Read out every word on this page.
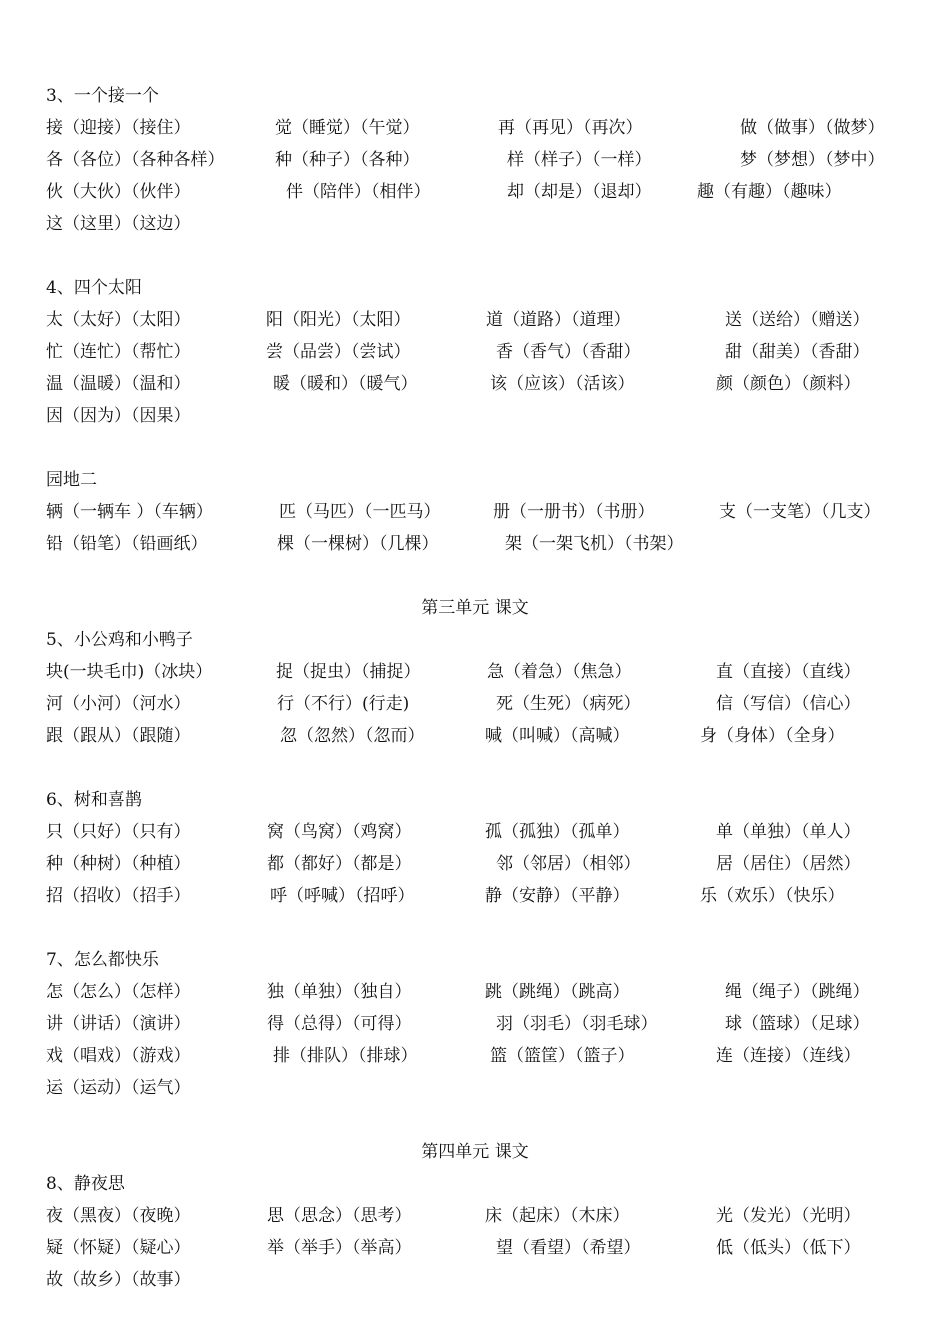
3、一个接一个
接（迎接）（接住）	觉（睡觉）（午觉）	再（再见）（再次）	做（做事）（做梦）
各（各位）（各种各样）	种（种子）（各种）	样（样子）（一样）	梦（梦想）（梦中）
伙（大伙）（伙伴）	伴（陪伴）（相伴）	却（却是）（退却）	趣（有趣）（趣味）
这（这里）（这边）
4、四个太阳
太（太好）（太阳）	阳（阳光）（太阳）	道（道路）（道理）	送（送给）（赠送）
忙（连忙）（帮忙）	尝（品尝）（尝试）	香（香气）（香甜）	甜（甜美）（香甜）
温（温暖）（温和）	暖（暖和）（暖气）	该（应该）（活该）	颜（颜色）（颜料）
因（因为）（因果）
园地二
辆（一辆车 ）（车辆）	匹（马匹）（一匹马）	册（一册书）（书册）	支（一支笔）（几支）
铅（铅笔）（铅画纸）	棵（一棵树）（几棵）	架（一架飞机）（书架）
第三单元 课文
5、小公鸡和小鸭子
块(一块毛巾)（冰块）	捉（捉虫）（捕捉）	急（着急）（焦急）	直（直接）（直线）
河（小河）（河水）	行（不行）(行走)	死（生死）（病死）	信（写信）（信心）
跟（跟从）（跟随）	忽（忽然）（忽而）	喊（叫喊）（高喊）	身（身体）（全身）
6、树和喜鹊
只（只好）（只有）	窝（鸟窝）（鸡窝）	孤（孤独）（孤单）	单（单独）（单人）
种（种树）（种植）	都（都好）（都是）	邻（邻居）（相邻）	居（居住）（居然）
招（招收）（招手）	呼（呼喊）（招呼）	静（安静）（平静）	乐（欢乐）（快乐）
7、怎么都快乐
怎（怎么）（怎样）	独（单独）（独自）	跳（跳绳）（跳高）	绳（绳子）（跳绳）
讲（讲话）（演讲）	得（总得）（可得）	羽（羽毛）（羽毛球）	球（篮球）（足球）
戏（唱戏）（游戏）	排（排队）（排球）	篮（篮筐）（篮子）	连（连接）（连线）
运（运动）（运气）
第四单元 课文
8、静夜思
夜（黑夜）（夜晚）	思（思念）（思考）	床（起床）（木床）	光（发光）（光明）
疑（怀疑）（疑心）	举（举手）（举高）	望（看望）（希望）	低（低头）（低下）
故（故乡）（故事）
